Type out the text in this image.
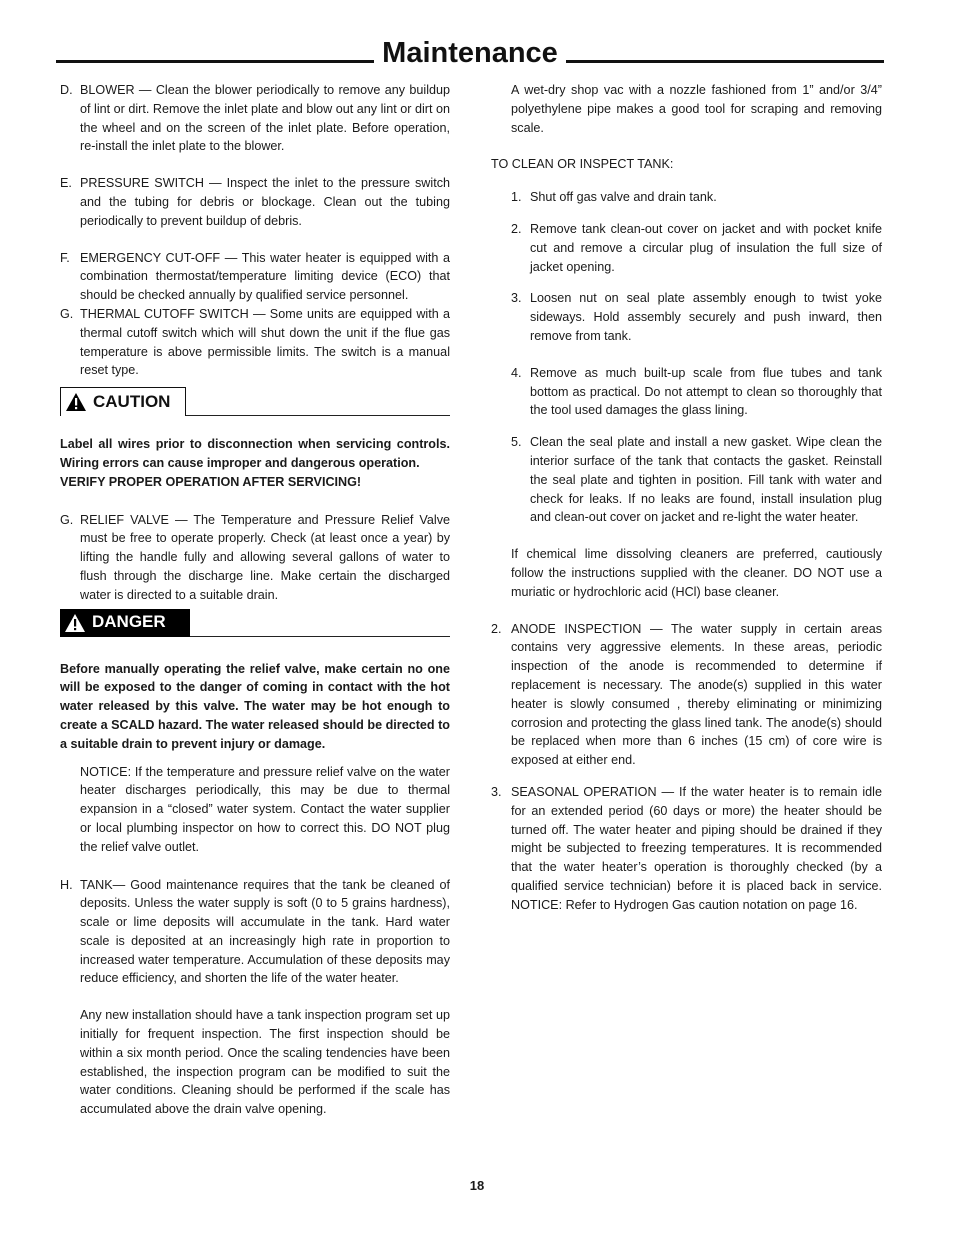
Maintenance
D. BLOWER — Clean the blower periodically to remove any buildup of lint or dirt. Remove the inlet plate and blow out any lint or dirt on the wheel and on the screen of the inlet plate. Before operation, re-install the inlet plate to the blower.
E. PRESSURE SWITCH — Inspect the inlet to the pressure switch and the tubing for debris or blockage. Clean out the tubing periodically to prevent buildup of debris.
F. EMERGENCY CUT-OFF — This water heater is equipped with a combination thermostat/temperature limiting device (ECO) that should be checked annually by qualified service personnel.
G. THERMAL CUTOFF SWITCH — Some units are equipped with a thermal cutoff switch which will shut down the unit if the flue gas temperature is above permissible limits. The switch is a manual reset type.
CAUTION
Label all wires prior to disconnection when servicing controls. Wiring errors can cause improper and dangerous operation.
VERIFY PROPER OPERATION AFTER SERVICING!
G. RELIEF VALVE — The Temperature and Pressure Relief Valve must be free to operate properly. Check (at least once a year) by lifting the handle fully and allowing several gallons of water to flush through the discharge line. Make certain the discharged water is directed to a suitable drain.
DANGER
Before manually operating the relief valve, make certain no one will be exposed to the danger of coming in contact with the hot water released by this valve. The water may be hot enough to create a SCALD hazard. The water released should be directed to a suitable drain to prevent injury or damage.
NOTICE: If the temperature and pressure relief valve on the water heater discharges periodically, this may be due to thermal expansion in a “closed” water system. Contact the water supplier or local plumbing inspector on how to correct this. DO NOT plug the relief valve outlet.
H. TANK— Good maintenance requires that the tank be cleaned of deposits. Unless the water supply is soft (0 to 5 grains hardness), scale or lime deposits will accumulate in the tank. Hard water scale is deposited at an increasingly high rate in proportion to increased water temperature. Accumulation of these deposits may reduce efficiency, and shorten the life of the water heater.
Any new installation should have a tank inspection program set up initially for frequent inspection. The first inspection should be within a six month period. Once the scaling tendencies have been established, the inspection program can be modified to suit the water conditions. Cleaning should be performed if the scale has accumulated above the drain valve opening.
A wet-dry shop vac with a nozzle fashioned from 1” and/or 3/4” polyethylene pipe makes a good tool for scraping and removing scale.
TO CLEAN OR INSPECT TANK:
1. Shut off gas valve and drain tank.
2. Remove tank clean-out cover on jacket and with pocket knife cut and remove a circular plug of insulation the full size of jacket opening.
3. Loosen nut on seal plate assembly enough to twist yoke sideways. Hold assembly securely and push inward, then remove from tank.
4. Remove as much built-up scale from flue tubes and tank bottom as practical. Do not attempt to clean so thoroughly that the tool used damages the glass lining.
5. Clean the seal plate and install a new gasket. Wipe clean the interior surface of the tank that contacts the gasket. Reinstall the seal plate and tighten in position. Fill tank with water and check for leaks. If no leaks are found, install insulation plug and clean-out cover on jacket and re-light the water heater.
If chemical lime dissolving cleaners are preferred, cautiously follow the instructions supplied with the cleaner. DO NOT use a muriatic or hydrochloric acid (HCl) base cleaner.
2. ANODE INSPECTION — The water supply in certain areas contains very aggressive elements. In these areas, periodic inspection of the anode is recommended to determine if replacement is necessary. The anode(s) supplied in this water heater is slowly consumed , thereby eliminating or minimizing corrosion and protecting the glass lined tank. The anode(s) should be replaced when more than 6 inches (15 cm) of core wire is exposed at either end.
3. SEASONAL OPERATION — If the water heater is to remain idle for an extended period (60 days or more) the heater should be turned off. The water heater and piping should be drained if they might be subjected to freezing temperatures. It is recommended that the water heater’s operation is thoroughly checked (by a qualified service technician) before it is placed back in service. NOTICE: Refer to Hydrogen Gas caution notation on page 16.
18
